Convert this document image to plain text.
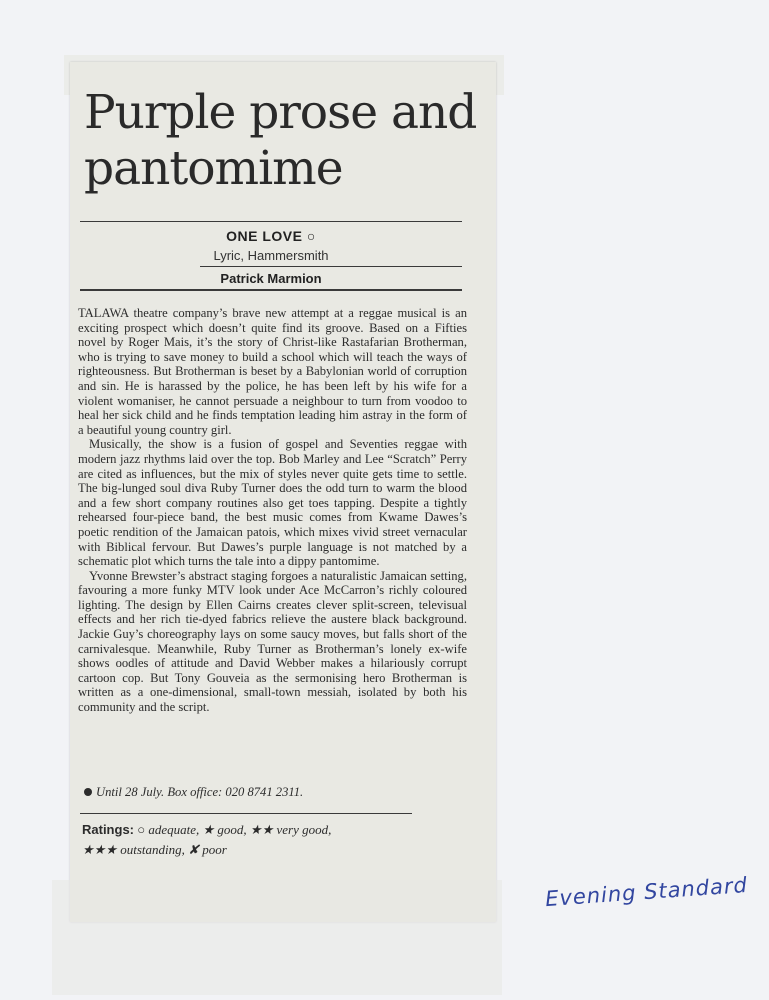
Purple prose and pantomime
ONE LOVE ○
Lyric, Hammersmith
Patrick Marmion

TALAWA theatre company’s brave new attempt at a reggae musical is an exciting prospect which doesn’t quite find its groove. Based on a Fifties novel by Roger Mais, it’s the story of Christ-like Rastafarian Brotherman, who is trying to save money to build a school which will teach the ways of righteousness. But Brotherman is beset by a Babylonian world of corruption and sin. He is harassed by the police, he has been left by his wife for a violent womaniser, he cannot persuade a neighbour to turn from voodoo to heal her sick child and he finds temptation leading him astray in the form of a beautiful young country girl.

Musically, the show is a fusion of gospel and Seventies reggae with modern jazz rhythms laid over the top. Bob Marley and Lee “Scratch” Perry are cited as influences, but the mix of styles never quite gets time to settle. The big-lunged soul diva Ruby Turner does the odd turn to warm the blood and a few short company routines also get toes tapping. Despite a tightly rehearsed four-piece band, the best music comes from Kwame Dawes’s poetic rendition of the Jamaican patois, which mixes vivid street vernacular with Biblical fervour. But Dawes’s purple language is not matched by a schematic plot which turns the tale into a dippy pantomime.

Yvonne Brewster’s abstract staging forgoes a naturalistic Jamaican setting, favouring a more funky MTV look under Ace McCarron’s richly coloured lighting. The design by Ellen Cairns creates clever split-screen, televisual effects and her rich tie-dyed fabrics relieve the austere black background. Jackie Guy’s choreography lays on some saucy moves, but falls short of the carnivalesque. Meanwhile, Ruby Turner as Brotherman’s lonely ex-wife shows oodles of attitude and David Webber makes a hilariously corrupt cartoon cop. But Tony Gouveia as the sermonising hero Brotherman is written as a one-dimensional, small-town messiah, isolated by both his community and the script.

Until 28 July. Box office: 020 8741 2311.
Ratings: ○ adequate, ★ good, ★★ very good,
★★★ outstanding, ✘ poor
Evening Standard
